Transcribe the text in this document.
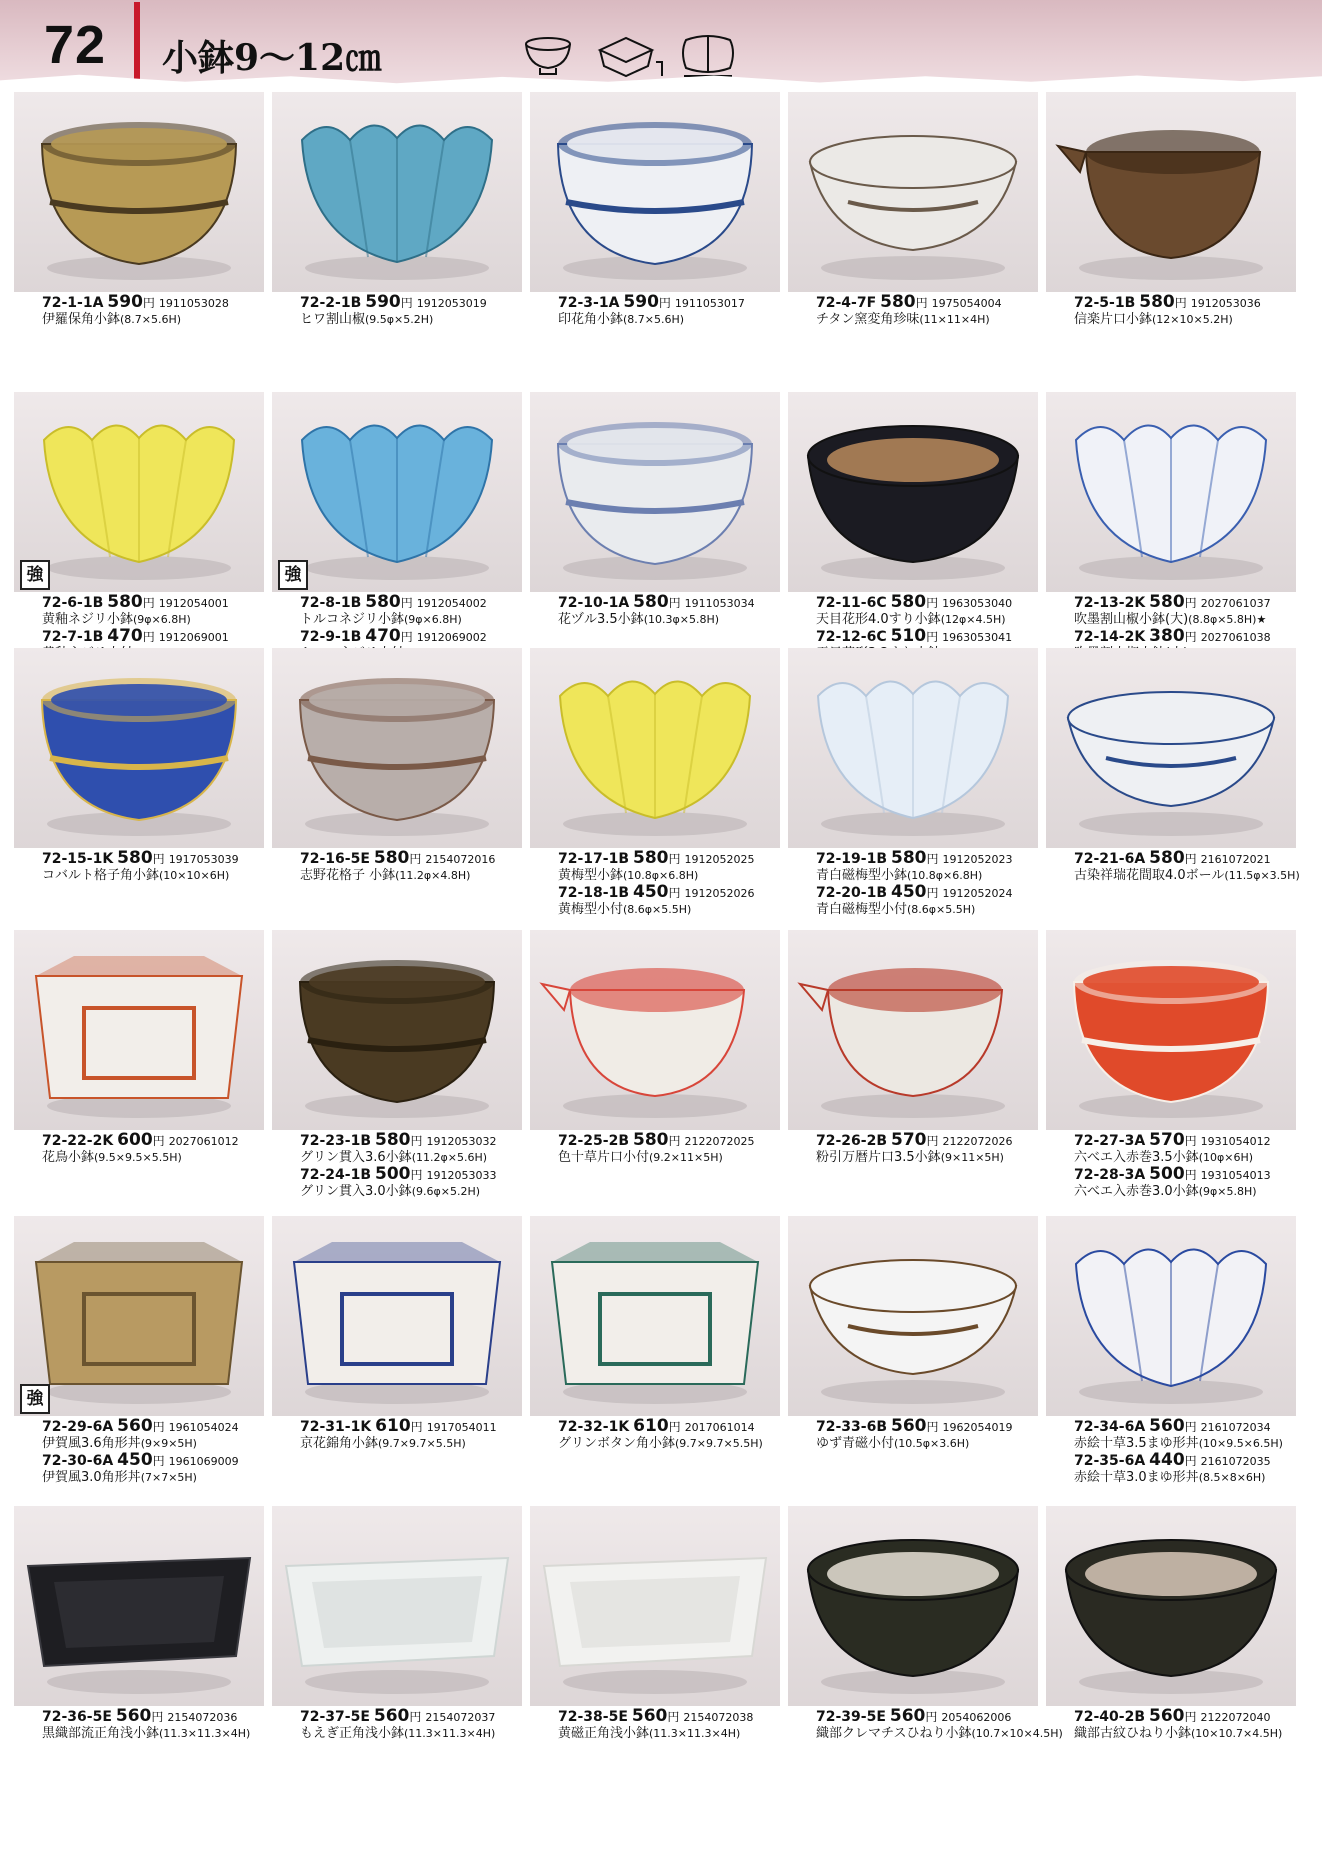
72 小鉢9～12㎝
72-1-1A 590円 1911053028
伊羅保角小鉢(8.7×5.6H)
72-2-1B 590円 1912053019
ヒワ割山椒(9.5φ×5.2H)
72-3-1A 590円 1911053017
印花角小鉢(8.7×5.6H)
72-4-7F 580円 1975054004
チタン窯変角珍味(11×11×4H)
72-5-1B 580円 1912053036
信楽片口小鉢(12×10×5.2H)
強
72-6-1B 580円 1912054001
黄釉ネジリ小鉢(9φ×6.8H)
72-7-1B 470円 1912069001
強
72-8-1B 580円 1912054002
トルコネジリ小鉢(9φ×6.8H)
72-9-1B 470円 1912069002
72-10-1A 580円 1911053034
花ヅル3.5小鉢(10.3φ×5.8H)
72-11-6C 580円 1963053040
天目花形4.0すり小鉢(12φ×4.5H)
72-12-6C 510円 1963053041
72-13-2K 580円 2027061037
吹墨割山椒小鉢(大)(8.8φ×5.8H)★
72-14-2K 380円 2027061038
72-15-1K 580円 1917053039
コバルト格子角小鉢(10×10×6H)
72-16-5E 580円 2154072016
志野花格子 小鉢(11.2φ×4.8H)
72-17-1B 580円 1912052025
黄梅型小鉢(10.8φ×6.8H)
72-18-1B 450円 1912052026
黄梅型小付(8.6φ×5.5H)
72-19-1B 580円 1912052023
青白磁梅型小鉢(10.8φ×6.8H)
72-20-1B 450円 1912052024
青白磁梅型小付(8.6φ×5.5H)
72-21-6A 580円 2161072021
古染祥瑞花間取4.0ボール(11.5φ×3.5H)
72-22-2K 600円 2027061012
花鳥小鉢(9.5×9.5×5.5H)
72-23-1B 580円 1912053032
グリン貫入3.6小鉢(11.2φ×5.6H)
72-24-1B 500円 1912053033
グリン貫入3.0小鉢(9.6φ×5.2H)
72-25-2B 580円 2122072025
色十草片口小付(9.2×11×5H)
72-26-2B 570円 2122072026
粉引万暦片口3.5小鉢(9×11×5H)
72-27-3A 570円 1931054012
六べエ入赤巻3.5小鉢(10φ×6H)
72-28-3A 500円 1931054013
六べエ入赤巻3.0小鉢(9φ×5.8H)
強
72-29-6A 560円 1961054024
伊賀風3.6角形丼(9×9×5H)
72-30-6A 450円 1961069009
伊賀風3.0角形丼(7×7×5H)
72-31-1K 610円 1917054011
京花錦角小鉢(9.7×9.7×5.5H)
72-32-1K 610円 2017061014
グリンボタン角小鉢(9.7×9.7×5.5H)
72-33-6B 560円 1962054019
ゆず青磁小付(10.5φ×3.6H)
72-34-6A 560円 2161072034
赤絵十草3.5まゆ形丼(10×9.5×6.5H)
72-35-6A 440円 2161072035
赤絵十草3.0まゆ形丼(8.5×8×6H)
72-36-5E 560円 2154072036
黒織部流正角浅小鉢(11.3×11.3×4H)
72-37-5E 560円 2154072037
もえぎ正角浅小鉢(11.3×11.3×4H)
72-38-5E 560円 2154072038
黄磁正角浅小鉢(11.3×11.3×4H)
72-39-5E 560円 2054062006
織部クレマチスひねり小鉢(10.7×10×4.5H)
72-40-2B 560円 2122072040
織部古紋ひねり小鉢(10×10.7×4.5H)
